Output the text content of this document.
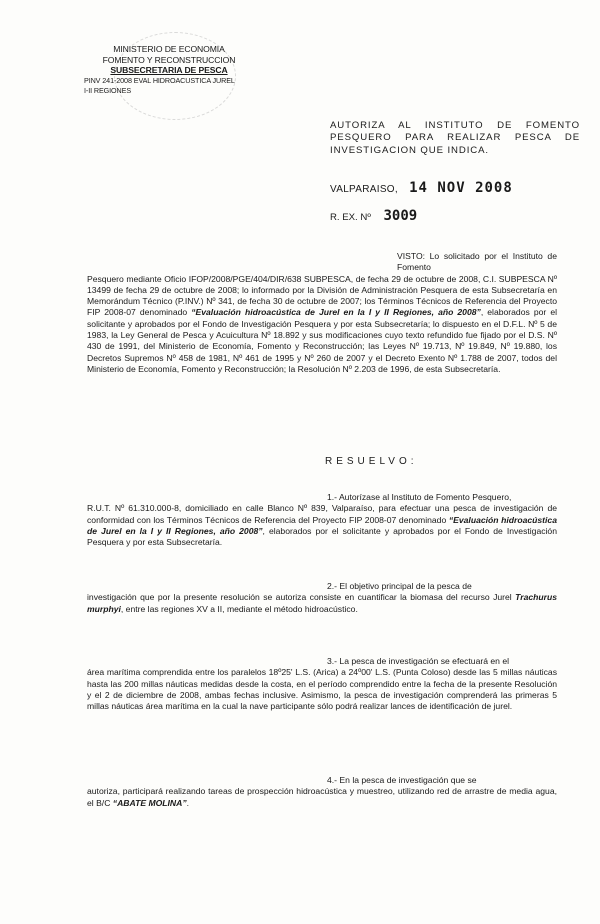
MINISTERIO DE ECONOMIA
FOMENTO Y RECONSTRUCCION
SUBSECRETARIA DE PESCA
PINV 241-2008 EVAL HIDROACUSTICA JUREL
I-II REGIONES
AUTORIZA AL INSTITUTO DE FOMENTO PESQUERO PARA REALIZAR PESCA DE INVESTIGACION QUE INDICA.
VALPARAISO, 14 NOV 2008
R. EX. Nº 3009
VISTO: Lo solicitado por el Instituto de Fomento
Pesquero mediante Oficio IFOP/2008/PGE/404/DIR/638 SUBPESCA, de fecha 29 de octubre de 2008, C.I. SUBPESCA Nº 13499 de fecha 29 de octubre de 2008; lo informado por la División de Administración Pesquera de esta Subsecretaría en Memorándum Técnico (P.INV.) Nº 341, de fecha 30 de octubre de 2007; los Términos Técnicos de Referencia del Proyecto FIP 2008-07 denominado “Evaluación hidroacústica de Jurel en la I y II Regiones, año 2008”, elaborados por el solicitante y aprobados por el Fondo de Investigación Pesquera y por esta Subsecretaría; lo dispuesto en el D.F.L. Nº 5 de 1983, la Ley General de Pesca y Acuicultura Nº 18.892 y sus modificaciones cuyo texto refundido fue fijado por el D.S. Nº 430 de 1991, del Ministerio de Economía, Fomento y Reconstrucción; las Leyes Nº 19.713, Nº 19.849, Nº 19.880, los Decretos Supremos Nº 458 de 1981, Nº 461 de 1995 y Nº 260 de 2007 y el Decreto Exento Nº 1.788 de 2007, todos del Ministerio de Economía, Fomento y Reconstrucción; la Resolución Nº 2.203 de 1996, de esta Subsecretaría.
RESUELVO:
1.- Autorízase al Instituto de Fomento Pesquero,
R.U.T. Nº 61.310.000-8, domiciliado en calle Blanco Nº 839, Valparaíso, para efectuar una pesca de investigación de conformidad con los Términos Técnicos de Referencia del Proyecto FIP 2008-07 denominado “Evaluación hidroacústica de Jurel en la I y II Regiones, año 2008”, elaborados por el solicitante y aprobados por el Fondo de Investigación Pesquera y por esta Subsecretaría.
2.- El objetivo principal de la pesca de
investigación que por la presente resolución se autoriza consiste en cuantificar la biomasa del recurso Jurel Trachurus murphyi, entre las regiones XV a II, mediante el método hidroacústico.
3.- La pesca de investigación se efectuará en el
área marítima comprendida entre los paralelos 18º25' L.S. (Arica) a 24º00' L.S. (Punta Coloso) desde las 5 millas náuticas hasta las 200 millas náuticas medidas desde la costa, en el período comprendido entre la fecha de la presente Resolución y el 2 de diciembre de 2008, ambas fechas inclusive. Asimismo, la pesca de investigación comprenderá las primeras 5 millas náuticas área marítima en la cual la nave participante sólo podrá realizar lances de identificación de jurel.
4.- En la pesca de investigación que se
autoriza, participará realizando tareas de prospección hidroacústica y muestreo, utilizando red de arrastre de media agua, el B/C “ABATE MOLINA”.
